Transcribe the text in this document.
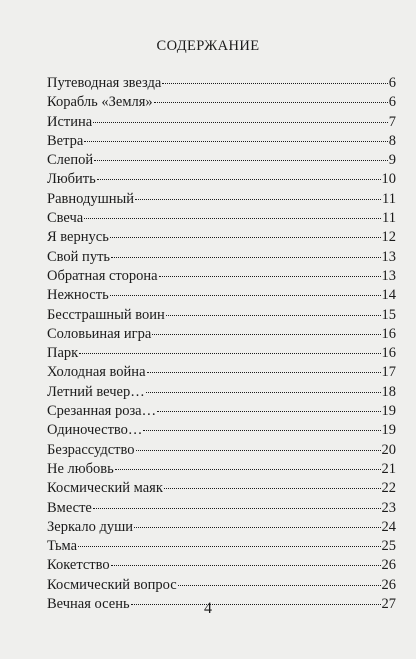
СОДЕРЖАНИЕ
Путеводная звезда	6
Корабль «Земля»	6
Истина	7
Ветра	8
Слепой	9
Любить	10
Равнодушный	11
Свеча	11
Я вернусь	12
Свой путь	13
Обратная сторона	13
Нежность	14
Бесстрашный воин	15
Соловьиная игра	16
Парк	16
Холодная война	17
Летний вечер…	18
Срезанная роза…	19
Одиночество…	19
Безрассудство	20
Не любовь	21
Космический маяк	22
Вместе	23
Зеркало души	24
Тьма	25
Кокетство	26
Космический вопрос	26
Вечная осень	27
4
